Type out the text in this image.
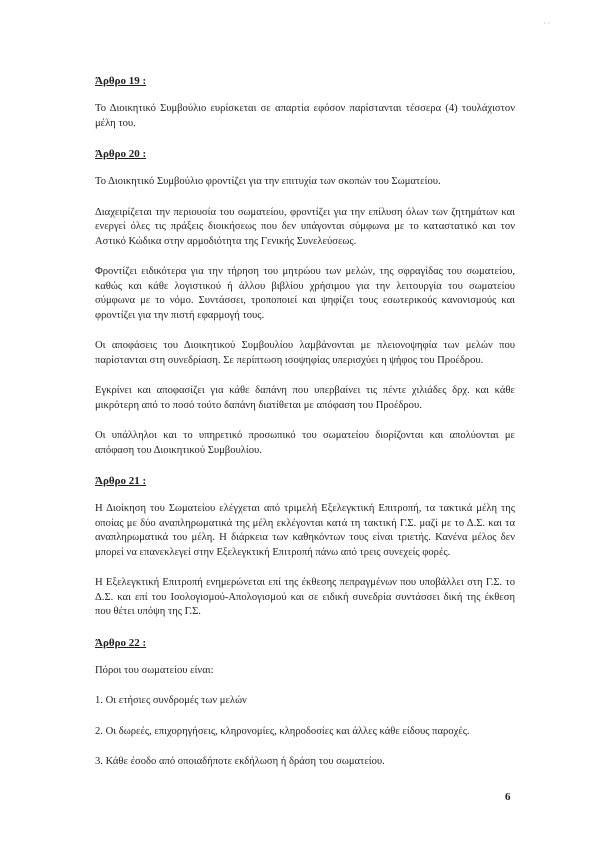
˙ ˙
Άρθρο 19 :

Το Διοικητικό Συμβούλιο ευρίσκεται σε απαρτία εφόσον παρίστανται τέσσερα (4) τουλάχιστον μέλη του.

Άρθρο 20 :

Το Διοικητικό Συμβούλιο φροντίζει για την επιτυχία των σκοπών του Σωματείου.

Διαχειρίζεται την περιουσία του σωματείου, φροντίζει για την επίλυση όλων των ζητημάτων και ενεργεί όλες τις πράξεις διοικήσεως που δεν υπάγονται σύμφωνα με το καταστατικό και τον Αστικό Κώδικα στην αρμοδιότητα της Γενικής Συνελεύσεως.

Φροντίζει ειδικότερα για την τήρηση του μητρώου των μελών, της σφραγίδας του σωματείου, καθώς και κάθε λογιστικού ή άλλου βιβλίου χρήσιμου για την λειτουργία του σωματείου σύμφωνα με το νόμο. Συντάσσει, τροποποιεί και ψηφίζει τους εσωτερικούς κανονισμούς και φροντίζει για την πιστή εφαρμογή τους.

Οι αποφάσεις του Διοικητικού Συμβουλίου λαμβάνονται με πλειονοψηφία των μελών που παρίστανται στη συνεδρίαση. Σε περίπτωση ισοψηφίας υπερισχύει η ψήφος του Προέδρου.

Εγκρίνει και αποφασίζει για κάθε δαπάνη που υπερβαίνει τις πέντε χιλιάδες δρχ. και κάθε μικρότερη από το ποσό τούτο δαπάνη διατίθεται με απόφαση του Προέδρου.

Οι υπάλληλοι και το υπηρετικό προσωπικό του σωματείου διορίζονται και απολύονται με απόφαση του Διοικητικού Συμβουλίου.

Άρθρο 21 :

Η Διοίκηση του Σωματείου ελέγχεται από τριμελή Εξελεγκτική Επιτροπή, τα τακτικά μέλη της οποίας με δύο αναπληρωματικά της μέλη εκλέγονται κατά τη τακτική Γ.Σ. μαζί με το Δ.Σ. και τα αναπληρωματικά του μέλη. Η διάρκεια των καθηκόντων τους είναι τριετής. Κανένα μέλος δεν μπορεί να επανεκλεγεί στην Εξελεγκτική Επιτροπή πάνω από τρεις συνεχείς φορές.

Η Εξελεγκτική Επιτροπή ενημερώνεται επί της έκθεσης πεπραγμένων που υποβάλλει στη Γ.Σ. το Δ.Σ. και επί του Ισολογισμού-Απολογισμού και σε ειδική συνεδρία συντάσσει δική της έκθεση που θέτει υπόψη της Γ.Σ.

Άρθρο 22 :

Πόροι του σωματείου είναι:

1. Οι ετήσιες συνδρομές των μελών

2. Οι δωρεές, επιχορηγήσεις, κληρονομίες, κληροδοσίες και άλλες κάθε είδους παροχές.

3. Κάθε έσοδο από οποιαδήποτε εκδήλωση ή δράση του σωματείου.

6
